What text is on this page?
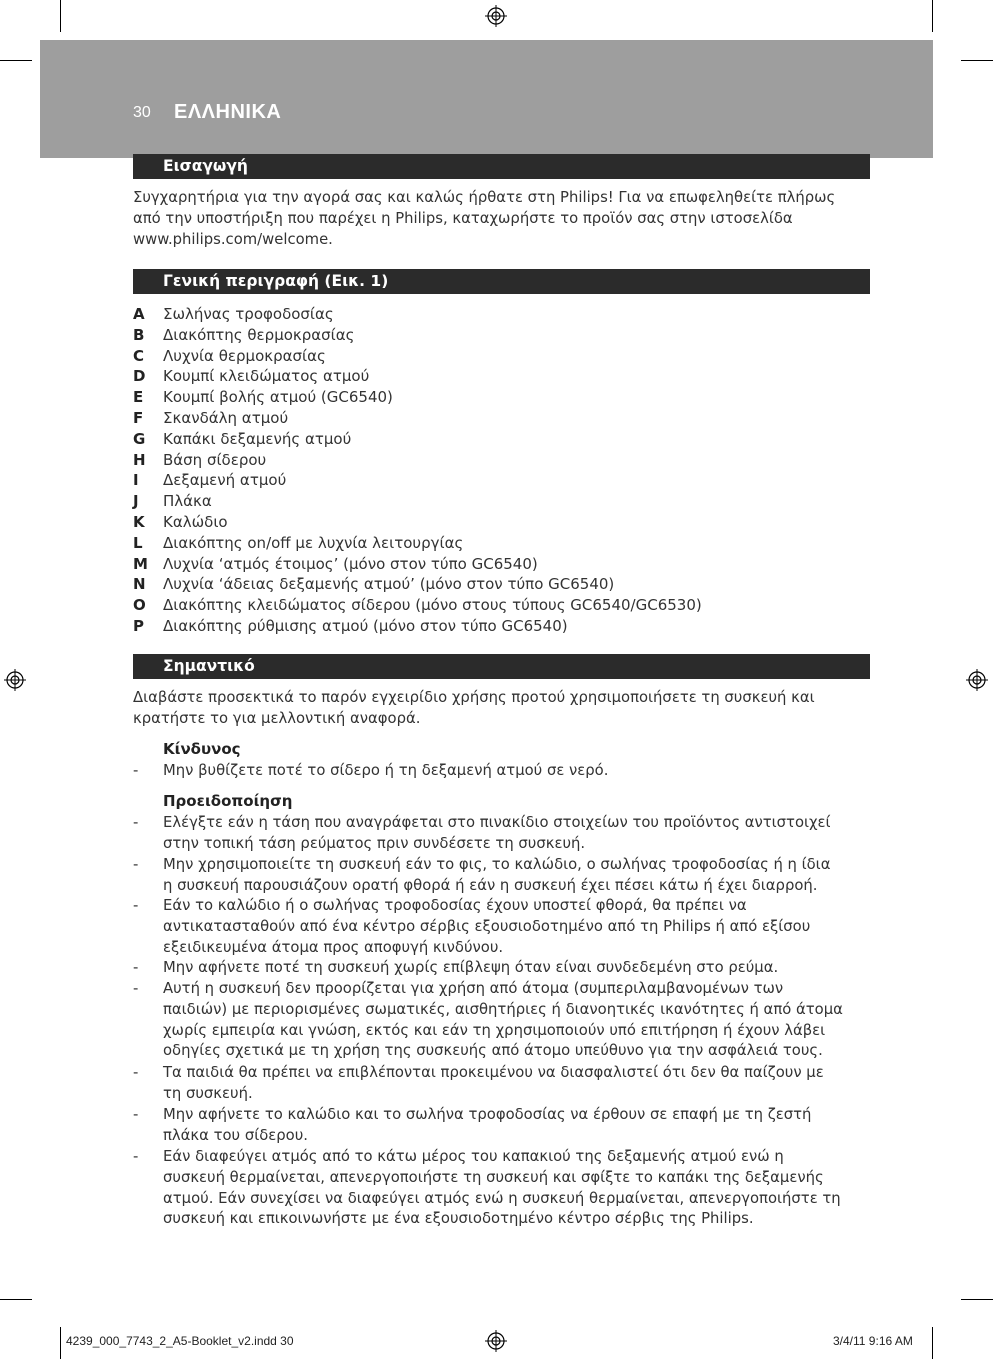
30 ΕΛΛΗΝΙΚΑ
Εισαγωγή
Συγχαρητήρια για την αγορά σας και καλώς ήρθατε στη Philips! Για να επωφεληθείτε πλήρως
από την υποστήριξη που παρέχει η Philips, καταχωρήστε το προϊόν σας στην ιστοσελίδα
www.philips.com/welcome.
Γενική περιγραφή (Εικ. 1)
A	Σωλήνας τροφοδοσίας
B	Διακόπτης θερμοκρασίας
C	Λυχνία θερμοκρασίας
D	Κουμπί κλειδώματος ατμού
E	Κουμπί βολής ατμού (GC6540)
F	Σκανδάλη ατμού
G	Καπάκι δεξαμενής ατμού
H	Βάση σίδερου
I	Δεξαμενή ατμού
J	Πλάκα
K	Καλώδιο
L	Διακόπτης on/off με λυχνία λειτουργίας
M	Λυχνία ‘ατμός έτοιμος’ (μόνο στον τύπο GC6540)
N	Λυχνία ‘άδειας δεξαμενής ατμού’ (μόνο στον τύπο GC6540)
O	Διακόπτης κλειδώματος σίδερου (μόνο στους τύπους GC6540/GC6530)
P	Διακόπτης ρύθμισης ατμού (μόνο στον τύπο GC6540)
Σημαντικό
Διαβάστε προσεκτικά το παρόν εγχειρίδιο χρήσης προτού χρησιμοποιήσετε τη συσκευή και
κρατήστε το για μελλοντική αναφορά.
Κίνδυνος
- Μην βυθίζετε ποτέ το σίδερο ή τη δεξαμενή ατμού σε νερό.
Προειδοποίηση
- Ελέγξτε εάν η τάση που αναγράφεται στο πινακίδιο στοιχείων του προϊόντος αντιστοιχεί
στην τοπική τάση ρεύματος πριν συνδέσετε τη συσκευή.
- Μην χρησιμοποιείτε τη συσκευή εάν το φις, το καλώδιο, ο σωλήνας τροφοδοσίας ή η ίδια
η συσκευή παρουσιάζουν ορατή φθορά ή εάν η συσκευή έχει πέσει κάτω ή έχει διαρροή.
- Εάν το καλώδιο ή ο σωλήνας τροφοδοσίας έχουν υποστεί φθορά, θα πρέπει να
αντικατασταθούν από ένα κέντρο σέρβις εξουσιοδοτημένο από τη Philips ή από εξίσου
εξειδικευμένα άτομα προς αποφυγή κινδύνου.
- Μην αφήνετε ποτέ τη συσκευή χωρίς επίβλεψη όταν είναι συνδεδεμένη στο ρεύμα.
- Αυτή η συσκευή δεν προορίζεται για χρήση από άτομα (συμπεριλαμβανομένων των
παιδιών) με περιορισμένες σωματικές, αισθητήριες ή διανοητικές ικανότητες ή από άτομα
χωρίς εμπειρία και γνώση, εκτός και εάν τη χρησιμοποιούν υπό επιτήρηση ή έχουν λάβει
οδηγίες σχετικά με τη χρήση της συσκευής από άτομο υπεύθυνο για την ασφάλειά τους.
- Τα παιδιά θα πρέπει να επιβλέπονται προκειμένου να διασφαλιστεί ότι δεν θα παίζουν με
τη συσκευή.
- Μην αφήνετε το καλώδιο και το σωλήνα τροφοδοσίας να έρθουν σε επαφή με τη ζεστή
πλάκα του σίδερου.
- Εάν διαφεύγει ατμός από το κάτω μέρος του καπακιού της δεξαμενής ατμού ενώ η
συσκευή θερμαίνεται, απενεργοποιήστε τη συσκευή και σφίξτε το καπάκι της δεξαμενής
ατμού. Εάν συνεχίσει να διαφεύγει ατμός ενώ η συσκευή θερμαίνεται, απενεργοποιήστε τη
συσκευή και επικοινωνήστε με ένα εξουσιοδοτημένο κέντρο σέρβις της Philips.
4239_000_7743_2_A5-Booklet_v2.indd 30	3/4/11 9:16 AM
